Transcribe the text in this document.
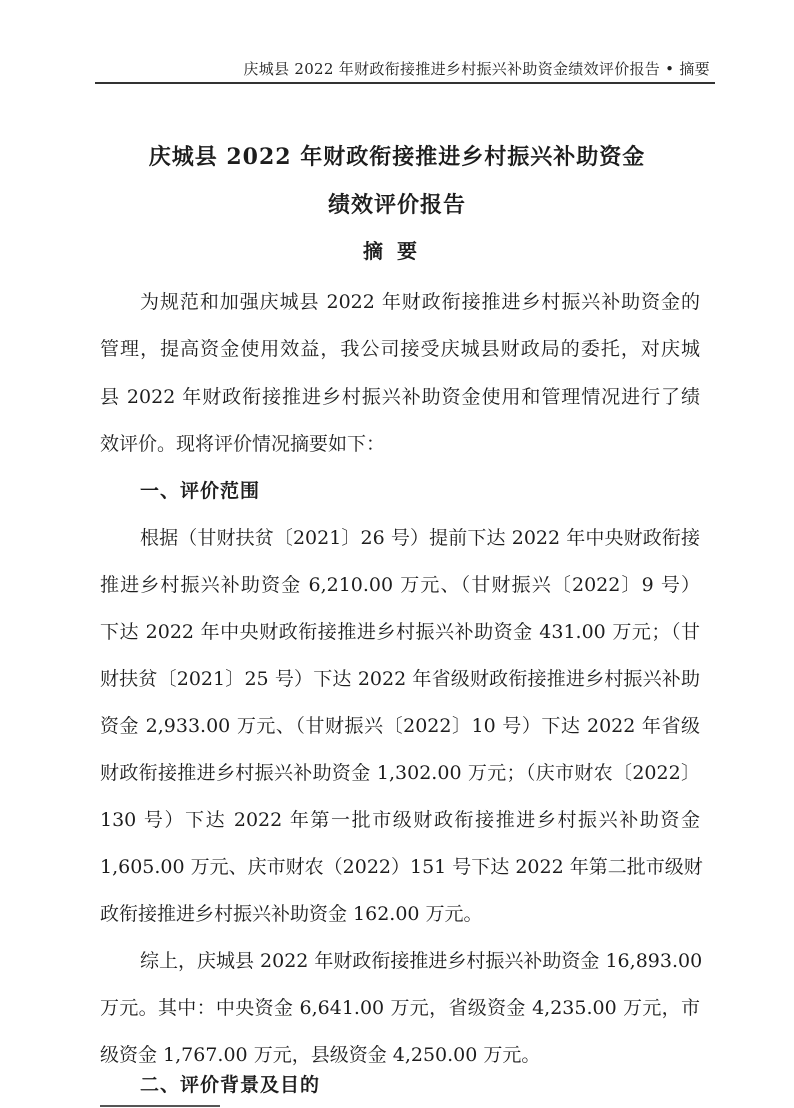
庆城县 2022 年财政衔接推进乡村振兴补助资金绩效评价报告 • 摘要
庆城县 2022 年财政衔接推进乡村振兴补助资金
绩效评价报告
摘要
为规范和加强庆城县 2022 年财政衔接推进乡村振兴补助资金的
管理，提高资金使用效益，我公司接受庆城县财政局的委托，对庆城
县 2022 年财政衔接推进乡村振兴补助资金使用和管理情况进行了绩
效评价。现将评价情况摘要如下：
一、评价范围
根据（甘财扶贫〔2021〕26 号）提前下达 2022 年中央财政衔接
推进乡村振兴补助资金 6,210.00 万元、（甘财振兴〔2022〕9 号）
下达 2022 年中央财政衔接推进乡村振兴补助资金 431.00 万元；（甘
财扶贫〔2021〕25 号）下达 2022 年省级财政衔接推进乡村振兴补助
资金 2,933.00 万元、（甘财振兴〔2022〕10 号）下达 2022 年省级
财政衔接推进乡村振兴补助资金 1,302.00 万元；（庆市财农〔2022〕
130 号）下达 2022 年第一批市级财政衔接推进乡村振兴补助资金
1,605.00 万元、庆市财农（2022）151 号下达 2022 年第二批市级财
政衔接推进乡村振兴补助资金 162.00 万元。
综上，庆城县 2022 年财政衔接推进乡村振兴补助资金 16,893.00
万元。其中：中央资金 6,641.00 万元，省级资金 4,235.00 万元，市
级资金 1,767.00 万元，县级资金 4,250.00 万元。
二、评价背景及目的
